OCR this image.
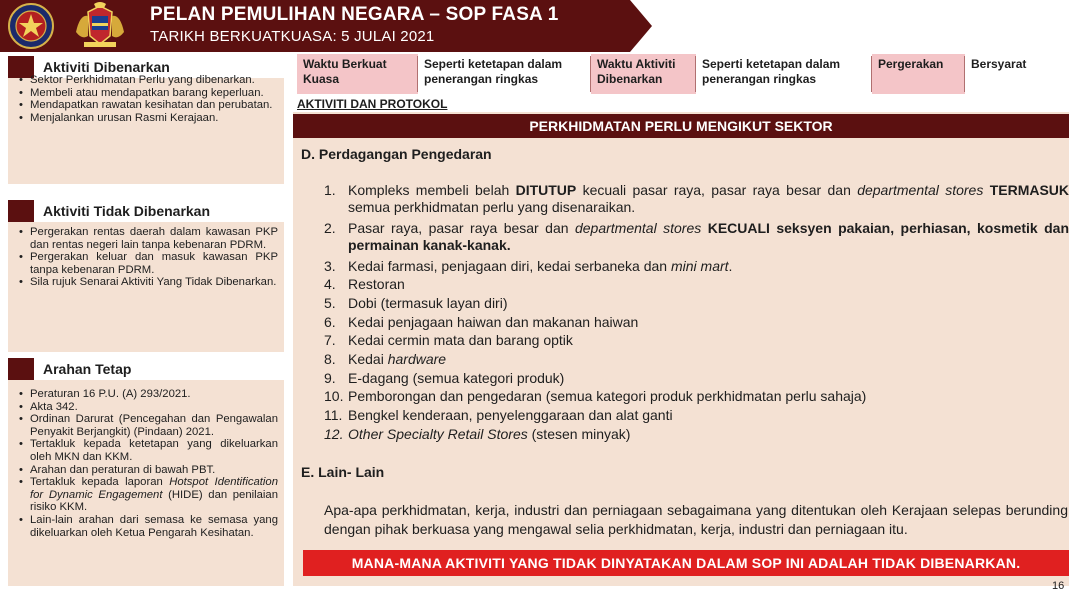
PELAN PEMULIHAN NEGARA – SOP FASA 1
TARIKH BERKUATKUASA: 5 JULAI 2021
Aktiviti Dibenarkan
• Sektor Perkhidmatan Perlu yang dibenarkan.
• Membeli atau mendapatkan barang keperluan.
• Mendapatkan rawatan kesihatan dan perubatan.
• Menjalankan urusan Rasmi Kerajaan.
Aktiviti Tidak Dibenarkan
• Pergerakan rentas daerah dalam kawasan PKP dan rentas negeri lain tanpa kebenaran PDRM.
• Pergerakan keluar dan masuk kawasan PKP tanpa kebenaran PDRM.
• Sila rujuk Senarai Aktiviti Yang Tidak Dibenarkan.
Arahan Tetap
• Peraturan 16 P.U. (A) 293/2021.
• Akta 342.
• Ordinan Darurat (Pencegahan dan Pengawalan Penyakit Berjangkit) (Pindaan) 2021.
• Tertakluk kepada ketetapan yang dikeluarkan oleh MKN dan KKM.
• Arahan dan peraturan di bawah PBT.
• Tertakluk kepada laporan Hotspot Identification for Dynamic Engagement (HIDE) dan penilaian risiko KKM.
• Lain-lain arahan dari semasa ke semasa yang dikeluarkan oleh Ketua Pengarah Kesihatan.
Waktu Berkuat Kuasa
Seperti ketetapan dalam penerangan ringkas
Waktu Aktiviti Dibenarkan
Seperti ketetapan dalam penerangan ringkas
Pergerakan	Bersyarat
AKTIVITI DAN PROTOKOL
PERKHIDMATAN PERLU MENGIKUT SEKTOR
D. Perdagangan Pengedaran
1. Kompleks membeli belah DITUTUP kecuali pasar raya, pasar raya besar dan departmental stores TERMASUK semua perkhidmatan perlu yang disenaraikan.
2. Pasar raya, pasar raya besar dan departmental stores KECUALI seksyen pakaian, perhiasan, kosmetik dan permainan kanak-kanak.
3. Kedai farmasi, penjagaan diri, kedai serbaneka dan mini mart.
4. Restoran
5. Dobi (termasuk layan diri)
6. Kedai penjagaan haiwan dan makanan haiwan
7. Kedai cermin mata dan barang optik
8. Kedai hardware
9. E-dagang (semua kategori produk)
10. Pemborongan dan pengedaran (semua kategori produk perkhidmatan perlu sahaja)
11. Bengkel kenderaan, penyelenggaraan dan alat ganti
12. Other Specialty Retail Stores (stesen minyak)
E. Lain- Lain
Apa-apa perkhidmatan, kerja, industri dan perniagaan sebagaimana yang ditentukan oleh Kerajaan selepas berunding dengan pihak berkuasa yang mengawal selia perkhidmatan, kerja, industri dan perniagaan itu.
MANA-MANA AKTIVITI YANG TIDAK DINYATAKAN DALAM SOP INI ADALAH TIDAK DIBENARKAN.
16
